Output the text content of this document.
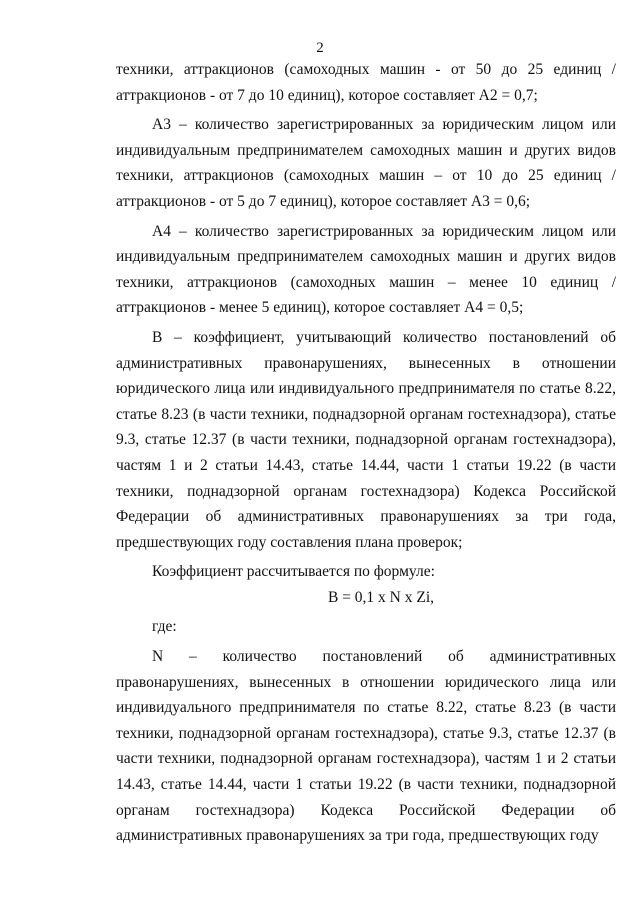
2

техники, аттракционов (самоходных машин - от 50 до 25 единиц / аттракционов - от 7 до 10 единиц), которое составляет А2 = 0,7;

А3 – количество зарегистрированных за юридическим лицом или индивидуальным предпринимателем самоходных машин и других видов техники, аттракционов (самоходных машин – от 10 до 25 единиц / аттракционов - от 5 до 7 единиц), которое составляет А3 = 0,6;

А4 – количество зарегистрированных за юридическим лицом или индивидуальным предпринимателем самоходных машин и других видов техники, аттракционов (самоходных машин – менее 10 единиц / аттракционов - менее 5 единиц), которое составляет А4 = 0,5;

В – коэффициент, учитывающий количество постановлений об административных правонарушениях, вынесенных в отношении юридического лица или индивидуального предпринимателя по статье 8.22, статье 8.23 (в части техники, поднадзорной органам гостехнадзора), статье 9.3, статье 12.37 (в части техники, поднадзорной органам гостехнадзора), частям 1 и 2 статьи 14.43, статье 14.44, части 1 статьи 19.22 (в части техники, поднадзорной органам гостехнадзора) Кодекса Российской Федерации об административных правонарушениях за три года, предшествующих году составления плана проверок;

Коэффициент рассчитывается по формуле:

B = 0,1 x N x Zi,

где:

N – количество постановлений об административных правонарушениях, вынесенных в отношении юридического лица или индивидуального предпринимателя по статье 8.22, статье 8.23 (в части техники, поднадзорной органам гостехнадзора), статье 9.3, статье 12.37 (в части техники, поднадзорной органам гостехнадзора), частям 1 и 2 статьи 14.43, статье 14.44, части 1 статьи 19.22 (в части техники, поднадзорной органам гостехнадзора) Кодекса Российской Федерации об административных правонарушениях за три года, предшествующих году
